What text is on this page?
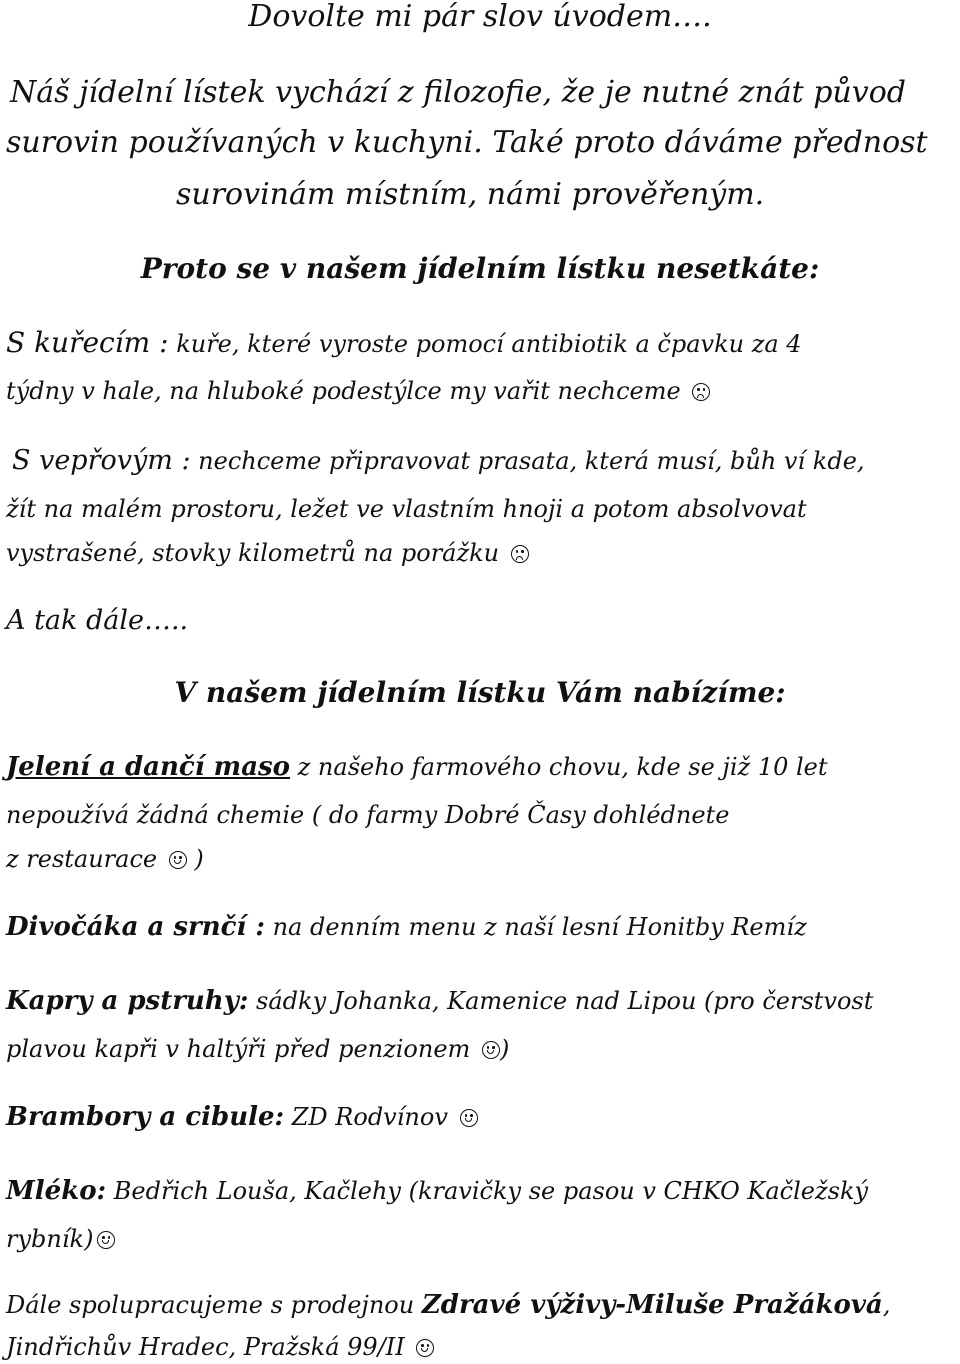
Dovolte mi pár slov úvodem….
Náš jídelní lístek vychází z filozofie, že je nutné znát původ
surovin používaných v kuchyni. Také proto dáváme přednost
surovinám místním, námi prověřeným.
Proto se v našem jídelním lístku nesetkáte:
S kuřecím : kuře, které vyroste pomocí antibiotik a čpavku za 4
týdny v hale, na hluboké podestýlce my vařit nechceme
S vepřovým : nechceme připravovat prasata, která musí, bůh ví kde,
žít na malém prostoru, ležet ve vlastním hnoji a potom absolvovat
vystrašené, stovky kilometrů na porážku
A tak dále…..
V našem jídelním lístku Vám nabízíme:
Jelení a dančí maso z našeho farmového chovu, kde se již 10 let
nepoužívá žádná chemie ( do farmy Dobré Časy dohlédnete
z restaurace
)
Divočáka a srnčí : na denním menu z naší lesní Honitby Remíz
Kapry a pstruhy: sádky Johanka, Kamenice nad Lipou (pro čerstvost
plavou kapři v haltýři před penzionem )
Brambory a cibule: ZD Rodvínov
Mléko: Bedřich Louša, Kačlehy (kravičky se pasou v CHKO Kačležský
rybník)
Dále spolupracujeme s prodejnou Zdravé výživy-Miluše Pražáková,
Jindřichův Hradec, Pražská 99/II
